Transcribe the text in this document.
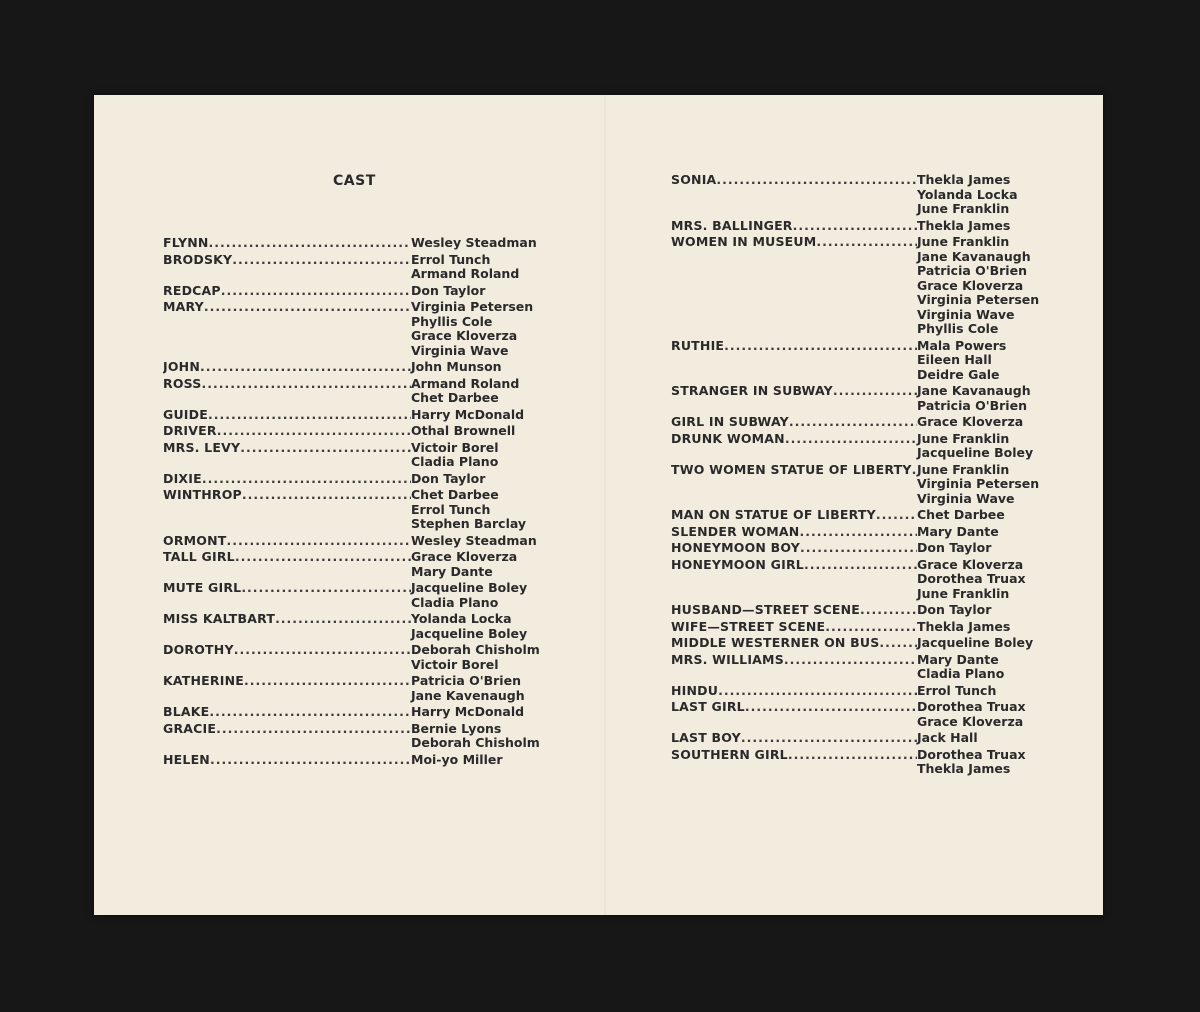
CAST
FLYNN .....	Wesley Steadman
BRODSKY .....	Errol Tunch
Armand Roland
REDCAP .....	Don Taylor
MARY .....	Virginia Petersen
Phyllis Cole
Grace Kloverza
Virginia Wave
JOHN .....	John Munson
ROSS .....	Armand Roland
Chet Darbee
GUIDE .....	Harry McDonald
DRIVER .....	Othal Brownell
MRS. LEVY .....	Victoir Borel
Cladia Plano
DIXIE .....	Don Taylor
WINTHROP .....	Chet Darbee
Errol Tunch
Stephen Barclay
ORMONT .....	Wesley Steadman
TALL GIRL .....	Grace Kloverza
Mary Dante
MUTE GIRL .....	Jacqueline Boley
Cladia Plano
MISS KALTBART .....	Yolanda Locka
Jacqueline Boley
DOROTHY .....	Deborah Chisholm
Victoir Borel
KATHERINE .....	Patricia O'Brien
Jane Kavenaugh
BLAKE .....	Harry McDonald
GRACIE .....	Bernie Lyons
Deborah Chisholm
HELEN .....	Moi-yo Miller
SONIA .....	Thekla James
Yolanda Locka
June Franklin
MRS. BALLINGER .....	Thekla James
WOMEN IN MUSEUM .....	June Franklin
Jane Kavanaugh
Patricia O'Brien
Grace Kloverza
Virginia Petersen
Virginia Wave
Phyllis Cole
RUTHIE .....	Mala Powers
Eileen Hall
Deidre Gale
STRANGER IN SUBWAY .....	Jane Kavanaugh
Patricia O'Brien
GIRL IN SUBWAY .....	Grace Kloverza
DRUNK WOMAN .....	June Franklin
Jacqueline Boley
TWO WOMEN STATUE OF LIBERTY ..... June Franklin
Virginia Petersen
Virginia Wave
MAN ON STATUE OF LIBERTY .....	Chet Darbee
SLENDER WOMAN .....	Mary Dante
HONEYMOON BOY .....	Don Taylor
HONEYMOON GIRL .....	Grace Kloverza
Dorothea Truax
June Franklin
HUSBAND—STREET SCENE .....	Don Taylor
WIFE—STREET SCENE .....	Thekla James
MIDDLE WESTERNER ON BUS .....	Jacqueline Boley
MRS. WILLIAMS .....	Mary Dante
Cladia Plano
HINDU .....	Errol Tunch
LAST GIRL .....	Dorothea Truax
Grace Kloverza
LAST BOY .....	Jack Hall
SOUTHERN GIRL .....	Dorothea Truax
Thekla James
